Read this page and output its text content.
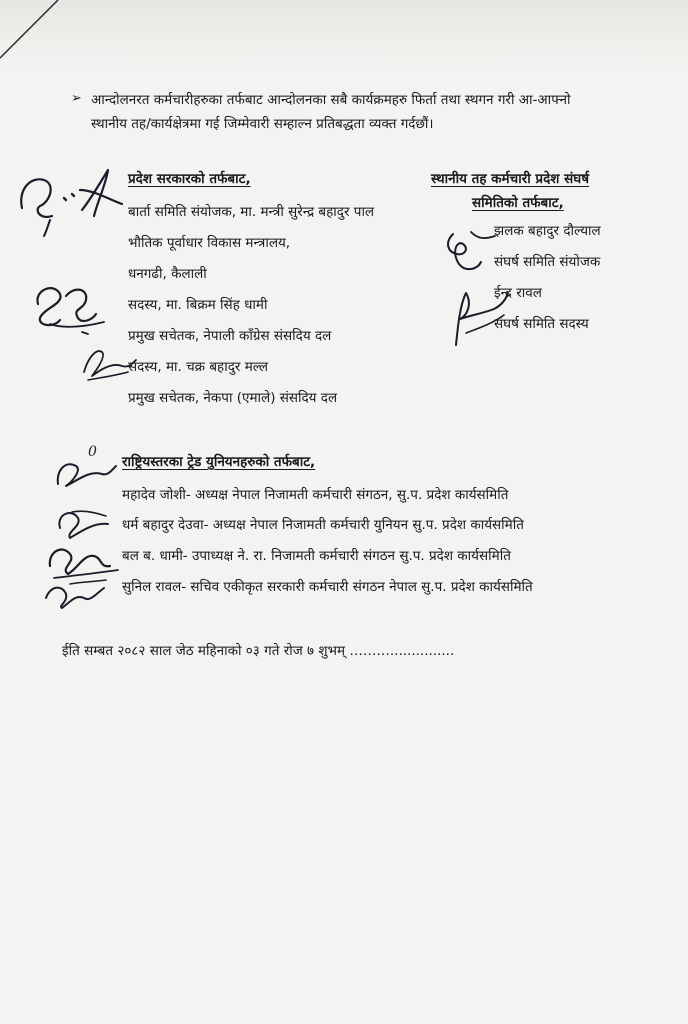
➢ आन्दोलनरत कर्मचारीहरुका तर्फबाट आन्दोलनका सबै कार्यक्रमहरु फिर्ता तथा स्थगन गरी आ-आफ्नो
स्थानीय तह/कार्यक्षेत्रमा गई जिम्मेवारी सम्हाल्न प्रतिबद्धता व्यक्त गर्दछौं।
प्रदेश सरकारको तर्फबाट,
बार्ता समिति संयोजक, मा. मन्त्री सुरेन्द्र बहादुर पाल
भौतिक पूर्वाधार विकास मन्त्रालय,
धनगढी, कैलाली
सदस्य, मा. बिक्रम सिंह धामी
प्रमुख सचेतक, नेपाली काँग्रेस संसदिय दल
सदस्य, मा. चक्र बहादुर मल्ल
प्रमुख सचेतक, नेकपा (एमाले) संसदिय दल
स्थानीय तह कर्मचारी प्रदेश संघर्ष
समितिको तर्फबाट,
झलक बहादुर दौल्याल
संघर्ष समिति संयोजक
ईन्द्र रावल
संघर्ष समिति सदस्य
राष्ट्रियस्तरका ट्रेड युनियनहरुको तर्फबाट,
महादेव जोशी- अध्यक्ष नेपाल निजामती कर्मचारी संगठन, सु.प. प्रदेश कार्यसमिति
धर्म बहादुर देउवा- अध्यक्ष नेपाल निजामती कर्मचारी युनियन सु.प. प्रदेश कार्यसमिति
बल ब. धामी- उपाध्यक्ष ने. रा. निजामती कर्मचारी संगठन सु.प. प्रदेश कार्यसमिति
सुनिल रावल- सचिव एकीकृत सरकारी कर्मचारी संगठन नेपाल सु.प. प्रदेश कार्यसमिति
ईति सम्बत २०८२ साल जेठ महिनाको ०३ गते रोज ७ शुभम् ………...............
0
